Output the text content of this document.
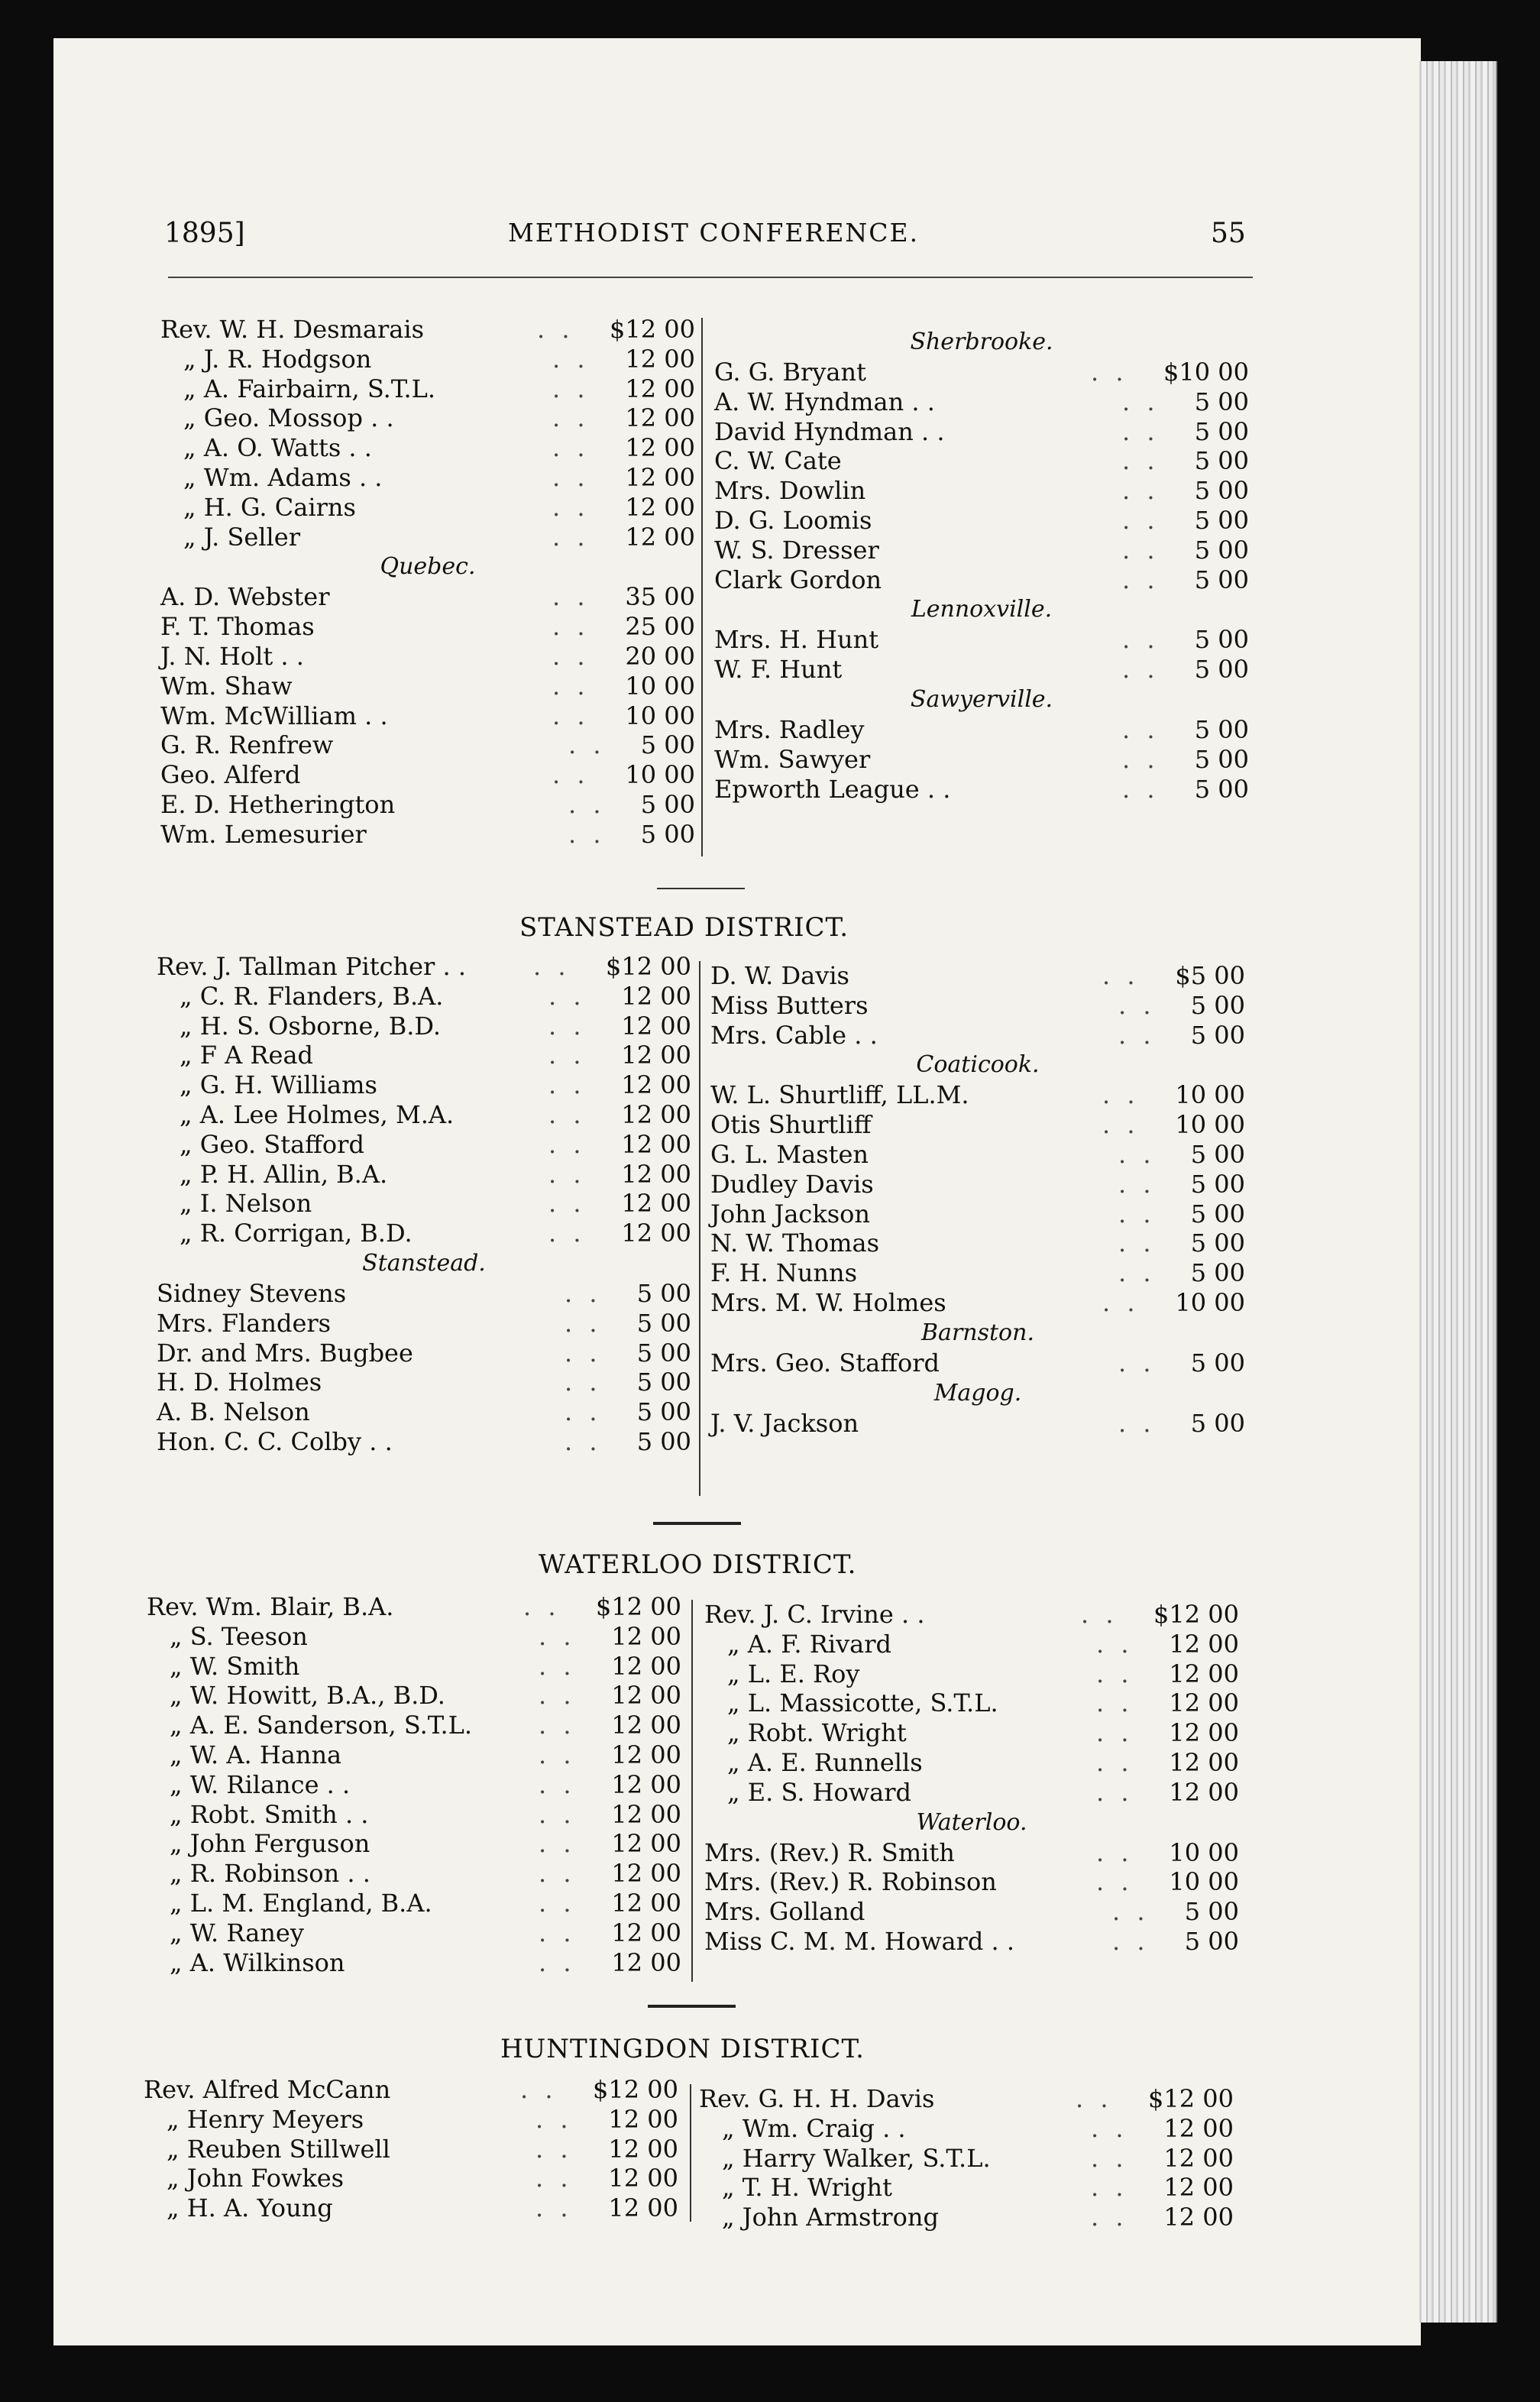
1895]	METHODIST CONFERENCE.	55
Rev. W. H. Desmarais	. . $12 00
„ J. R. Hodgson	. . 12 00
„ A. Fairbairn, S.T.L.	. . 12 00
„ Geo. Mossop . .	. . 12 00
„ A. O. Watts . .	. . 12 00
„ Wm. Adams . .	. . 12 00
„ H. G. Cairns	. . 12 00
„ J. Seller	. . 12 00
Quebec.
A. D. Webster	. . 35 00
F. T. Thomas	. . 25 00
J. N. Holt . .	. . 20 00
Wm. Shaw	. . 10 00
Wm. McWilliam . .	. . 10 00
G. R. Renfrew	. . 5 00
Geo. Alferd	. . 10 00
E. D. Hetherington	. . 5 00
Wm. Lemesurier	. . 5 00
Sherbrooke.
G. G. Bryant	. . $10 00
A. W. Hyndman . .	. . 5 00
David Hyndman . .	. . 5 00
C. W. Cate	. . 5 00
Mrs. Dowlin	. . 5 00
D. G. Loomis	. . 5 00
W. S. Dresser	. . 5 00
Clark Gordon	. . 5 00
Lennoxville.
Mrs. H. Hunt	. . 5 00
W. F. Hunt	. . 5 00
Sawyerville.
Mrs. Radley	. . 5 00
Wm. Sawyer	. . 5 00
Epworth League . .	. . 5 00
STANSTEAD DISTRICT.
Rev. J. Tallman Pitcher . .	. . $12 00
„ C. R. Flanders, B.A.	. . 12 00
„ H. S. Osborne, B.D.	. . 12 00
„ F A Read	. . 12 00
„ G. H. Williams	. . 12 00
„ A. Lee Holmes, M.A.	. . 12 00
„ Geo. Stafford	. . 12 00
„ P. H. Allin, B.A.	. . 12 00
„ I. Nelson	. . 12 00
„ R. Corrigan, B.D.	. . 12 00
Stanstead.
Sidney Stevens	. . 5 00
Mrs. Flanders	. . 5 00
Dr. and Mrs. Bugbee	. . 5 00
H. D. Holmes	. . 5 00
A. B. Nelson	. . 5 00
Hon. C. C. Colby . .	. . 5 00
D. W. Davis	. . $5 00
Miss Butters	. . 5 00
Mrs. Cable . .	. . 5 00
Coaticook.
W. L. Shurtliff, LL.M.	. . 10 00
Otis Shurtliff	. . 10 00
G. L. Masten	. . 5 00
Dudley Davis	. . 5 00
John Jackson	. . 5 00
N. W. Thomas	. . 5 00
F. H. Nunns	. . 5 00
Mrs. M. W. Holmes	. . 10 00
Barnston.
Mrs. Geo. Stafford	. . 5 00
Magog.
J. V. Jackson	. . 5 00
WATERLOO DISTRICT.
Rev. Wm. Blair, B.A.	. . $12 00
„ S. Teeson	. . 12 00
„ W. Smith	. . 12 00
„ W. Howitt, B.A., B.D.	. . 12 00
„ A. E. Sanderson, S.T.L.	. . 12 00
„ W. A. Hanna	. . 12 00
„ W. Rilance . .	. . 12 00
„ Robt. Smith . .	. . 12 00
„ John Ferguson	. . 12 00
„ R. Robinson . .	. . 12 00
„ L. M. England, B.A.	. . 12 00
„ W. Raney	. . 12 00
„ A. Wilkinson	. . 12 00
Rev. J. C. Irvine . .	. . $12 00
„ A. F. Rivard	. . 12 00
„ L. E. Roy	. . 12 00
„ L. Massicotte, S.T.L.	. . 12 00
„ Robt. Wright	. . 12 00
„ A. E. Runnells	. . 12 00
„ E. S. Howard	. . 12 00
Waterloo.
Mrs. (Rev.) R. Smith	. . 10 00
Mrs. (Rev.) R. Robinson	. . 10 00
Mrs. Golland	. . 5 00
Miss C. M. M. Howard . .	. . 5 00
HUNTINGDON DISTRICT.
Rev. Alfred McCann	. . $12 00
„ Henry Meyers	. . 12 00
„ Reuben Stillwell	. . 12 00
„ John Fowkes	. . 12 00
„ H. A. Young	. . 12 00
Rev. G. H. H. Davis	. . $12 00
„ Wm. Craig . .	. . 12 00
„ Harry Walker, S.T.L.	. . 12 00
„ T. H. Wright	. . 12 00
„ John Armstrong	. . 12 00
